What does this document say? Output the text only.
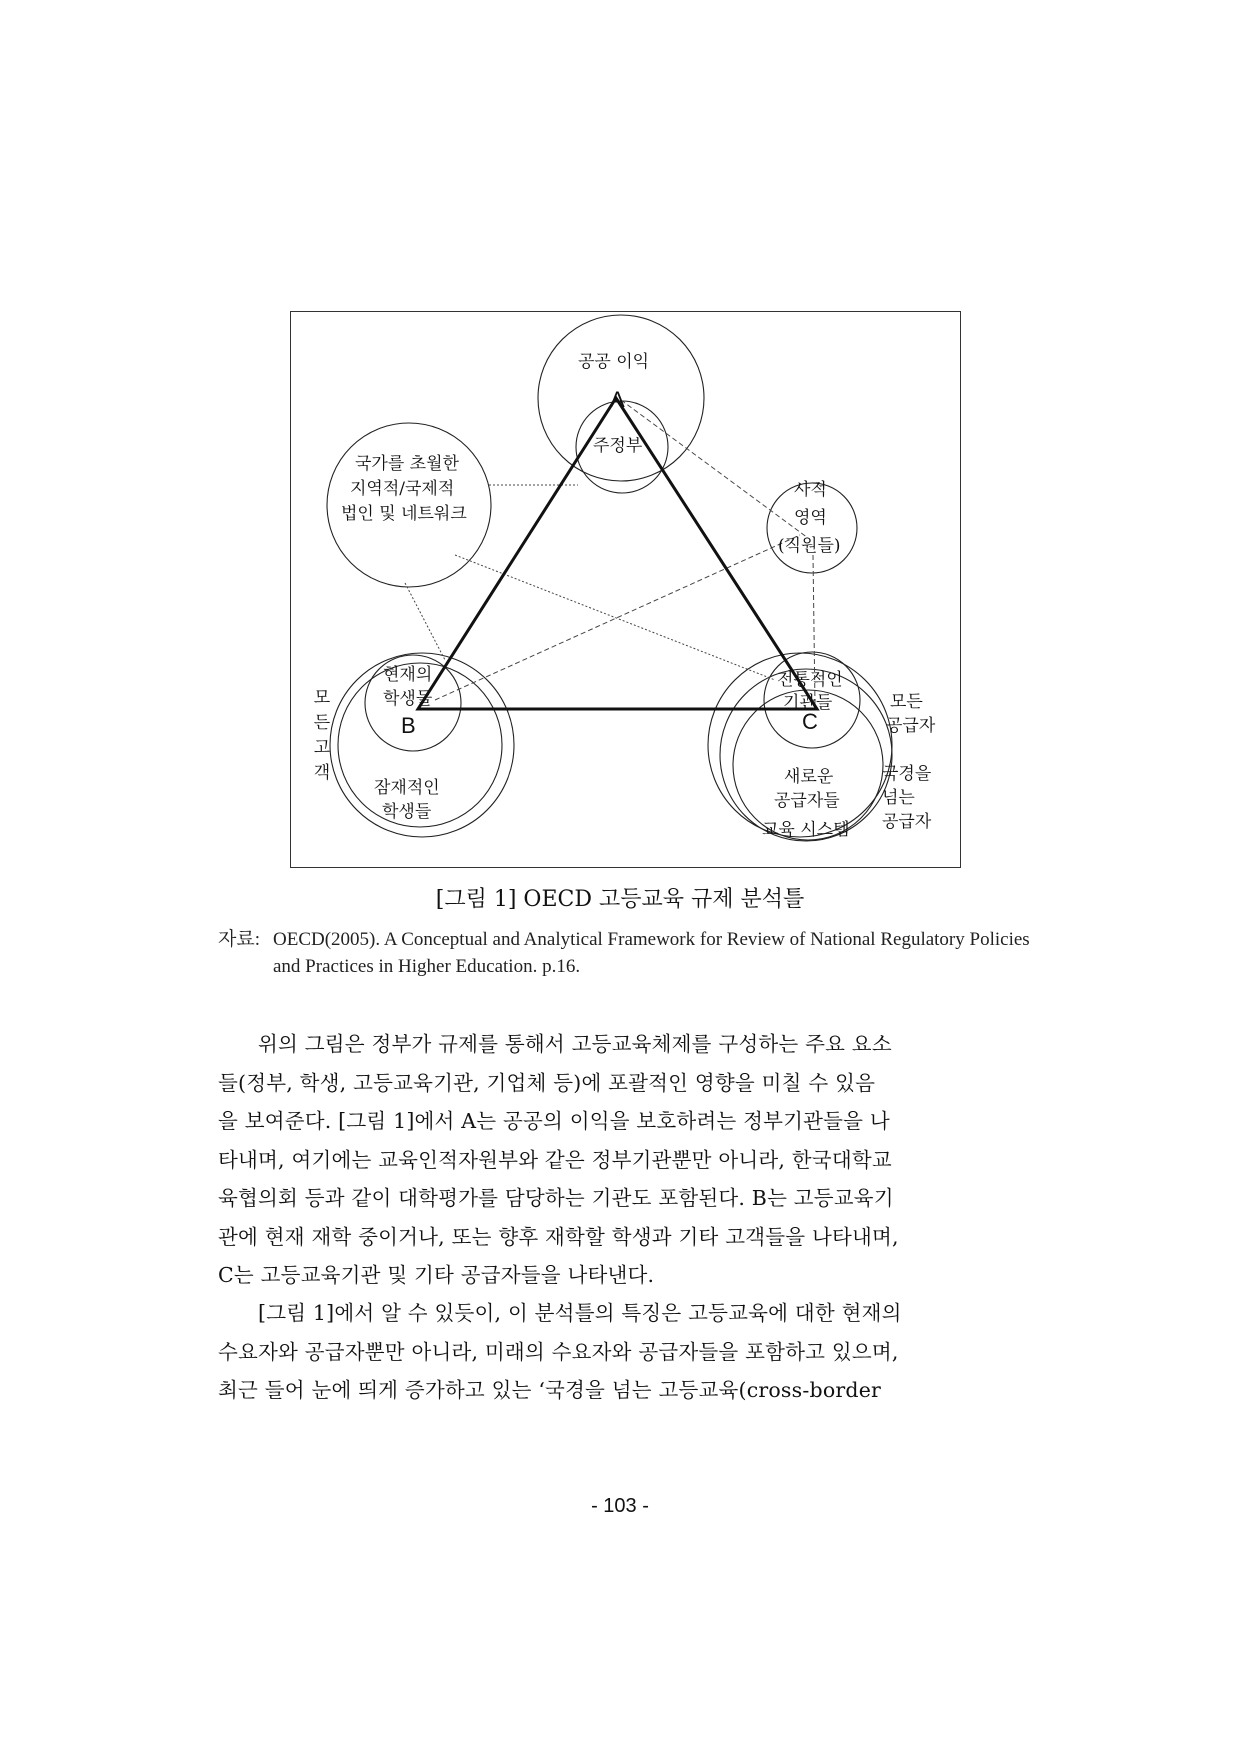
A
B	C
공공 이익
주정부
국가를 초월한
지역적/국제적
법인 및 네트워크
사적
영역
(직원들)
현재의
학생들
잠재적인
학생들
모든고객
전통적인
기관들
새로운
공급자들
교육 시스템
모든
공급자
국경을
넘는
공급자
[그림 1] OECD 고등교육 규제 분석틀
자료: OECD(2005). A Conceptual and Analytical Framework for Review of National Regulatory Policies and Practices in Higher Education. p.16.
위의 그림은 정부가 규제를 통해서 고등교육체제를 구성하는 주요 요소
들(정부, 학생, 고등교육기관, 기업체 등)에 포괄적인 영향을 미칠 수 있음
을 보여준다. [그림 1]에서 A는 공공의 이익을 보호하려는 정부기관들을 나
타내며, 여기에는 교육인적자원부와 같은 정부기관뿐만 아니라, 한국대학교
육협의회 등과 같이 대학평가를 담당하는 기관도 포함된다. B는 고등교육기
관에 현재 재학 중이거나, 또는 향후 재학할 학생과 기타 고객들을 나타내며,
C는 고등교육기관 및 기타 공급자들을 나타낸다.
[그림 1]에서 알 수 있듯이, 이 분석틀의 특징은 고등교육에 대한 현재의
수요자와 공급자뿐만 아니라, 미래의 수요자와 공급자들을 포함하고 있으며,
최근 들어 눈에 띄게 증가하고 있는 ‘국경을 넘는 고등교육(cross-border
- 103 -
